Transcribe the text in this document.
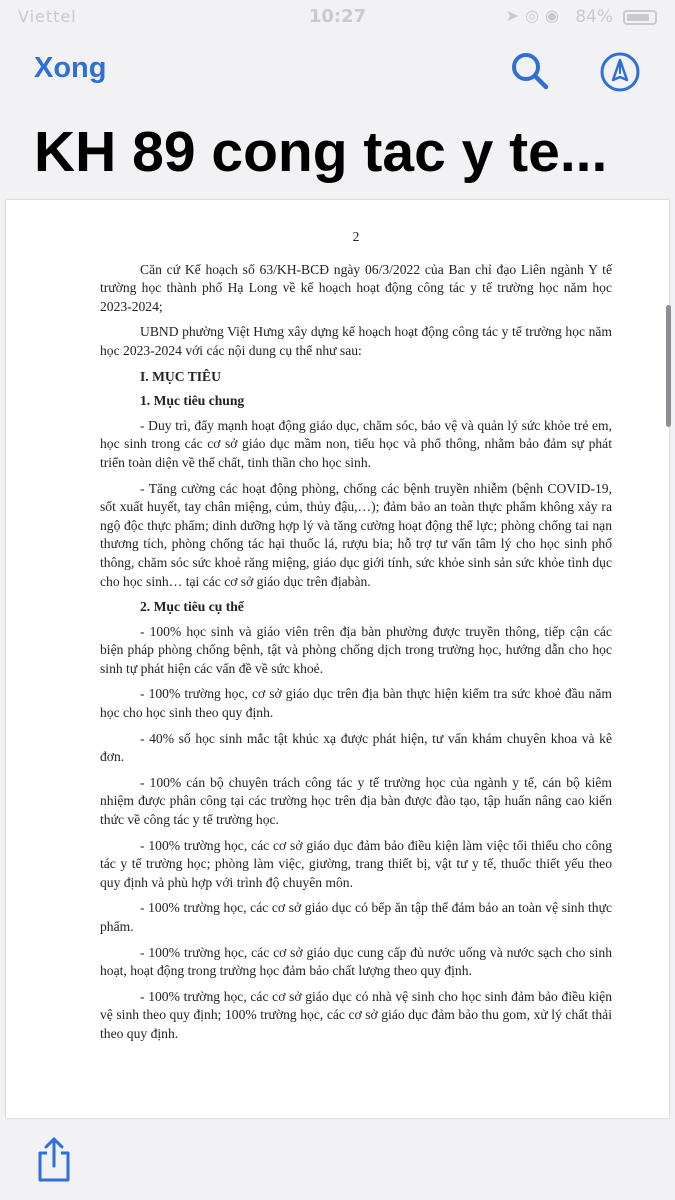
Viettel	10:27	➤◎◉ 84%
Xong
KH 89 cong tac y te...
2

Căn cứ Kế hoạch số 63/KH-BCĐ ngày 06/3/2022 của Ban chỉ đạo Liên ngành Y tế trường học thành phố Hạ Long về kế hoạch hoạt động công tác y tế trường học năm học 2023-2024;

UBND phường Việt Hưng xây dựng kế hoạch hoạt động công tác y tế trường học năm học 2023-2024 với các nội dung cụ thể như sau:

I. MỤC TIÊU

1. Mục tiêu chung

- Duy trì, đẩy mạnh hoạt động giáo dục, chăm sóc, bảo vệ và quản lý sức khỏe trẻ em, học sinh trong các cơ sở giáo dục mầm non, tiểu học và phổ thông, nhằm bảo đảm sự phát triển toàn diện về thể chất, tinh thần cho học sinh.

- Tăng cường các hoạt động phòng, chống các bệnh truyền nhiễm (bệnh COVID-19, sốt xuất huyết, tay chân miệng, cúm, thủy đậu,…); đảm bảo an toàn thực phẩm không xảy ra ngộ độc thực phẩm; dinh dưỡng hợp lý và tăng cường hoạt động thể lực; phòng chống tai nạn thương tích, phòng chống tác hại thuốc lá, rượu bia; hỗ trợ tư vấn tâm lý cho học sinh phổ thông, chăm sóc sức khoẻ răng miệng, giáo dục giới tính, sức khỏe sinh sản sức khỏe tình dục cho học sinh… tại các cơ sở giáo dục trên địabàn.

2. Mục tiêu cụ thể

- 100% học sinh và giáo viên trên địa bàn phường được truyền thông, tiếp cận các biện pháp phòng chống bệnh, tật và phòng chống dịch trong trường học, hướng dẫn cho học sinh tự phát hiện các vấn đề về sức khoẻ.

- 100% trường học, cơ sở giáo dục trên địa bàn thực hiện kiểm tra sức khoẻ đầu năm học cho học sinh theo quy định.

- 40% số học sinh mắc tật khúc xạ được phát hiện, tư vấn khám chuyên khoa và kê đơn.

- 100% cán bộ chuyên trách công tác y tế trường học của ngành y tế, cán bộ kiêm nhiệm được phân công tại các trường học trên địa bàn được đào tạo, tập huấn nâng cao kiến thức về công tác y tế trường học.

- 100% trường học, các cơ sở giáo dục đảm bảo điều kiện làm việc tối thiểu cho công tác y tế trường học; phòng làm việc, giường, trang thiết bị, vật tư y tế, thuốc thiết yếu theo quy định và phù hợp với trình độ chuyên môn.

- 100% trường học, các cơ sở giáo dục có bếp ăn tập thể đảm bảo an toàn vệ sinh thực phẩm.

- 100% trường học, các cơ sở giáo dục cung cấp đủ nước uống và nước sạch cho sinh hoạt, hoạt động trong trường học đảm bảo chất lượng theo quy định.

- 100% trường học, các cơ sở giáo dục có nhà vệ sinh cho học sinh đảm bảo điều kiện vệ sinh theo quy định; 100% trường học, các cơ sở giáo dục đảm bảo thu gom, xử lý chất thải theo quy định.
